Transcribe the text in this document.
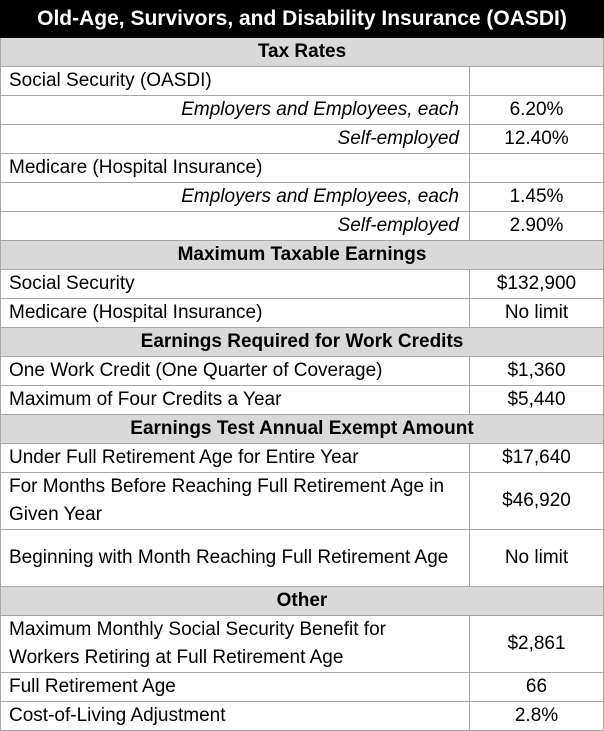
Old-Age, Survivors, and Disability Insurance (OASDI)	
Tax Rates	
Social Security (OASDI)	
Employers and Employees, each	6.20%
Self-employed	12.40%
Medicare (Hospital Insurance)	
Employers and Employees, each	1.45%
Self-employed	2.90%
Maximum Taxable Earnings	
Social Security	$132,900
Medicare (Hospital Insurance)	No limit
Earnings Required for Work Credits	
One Work Credit (One Quarter of Coverage)	$1,360
Maximum of Four Credits a Year	$5,440
Earnings Test Annual Exempt Amount	
Under Full Retirement Age for Entire Year	$17,640
For Months Before Reaching Full Retirement Age in Given Year	$46,920
Beginning with Month Reaching Full Retirement Age	No limit
Other	
Maximum Monthly Social Security Benefit for Workers Retiring at Full Retirement Age	$2,861
Full Retirement Age	66
Cost-of-Living Adjustment	2.8%
